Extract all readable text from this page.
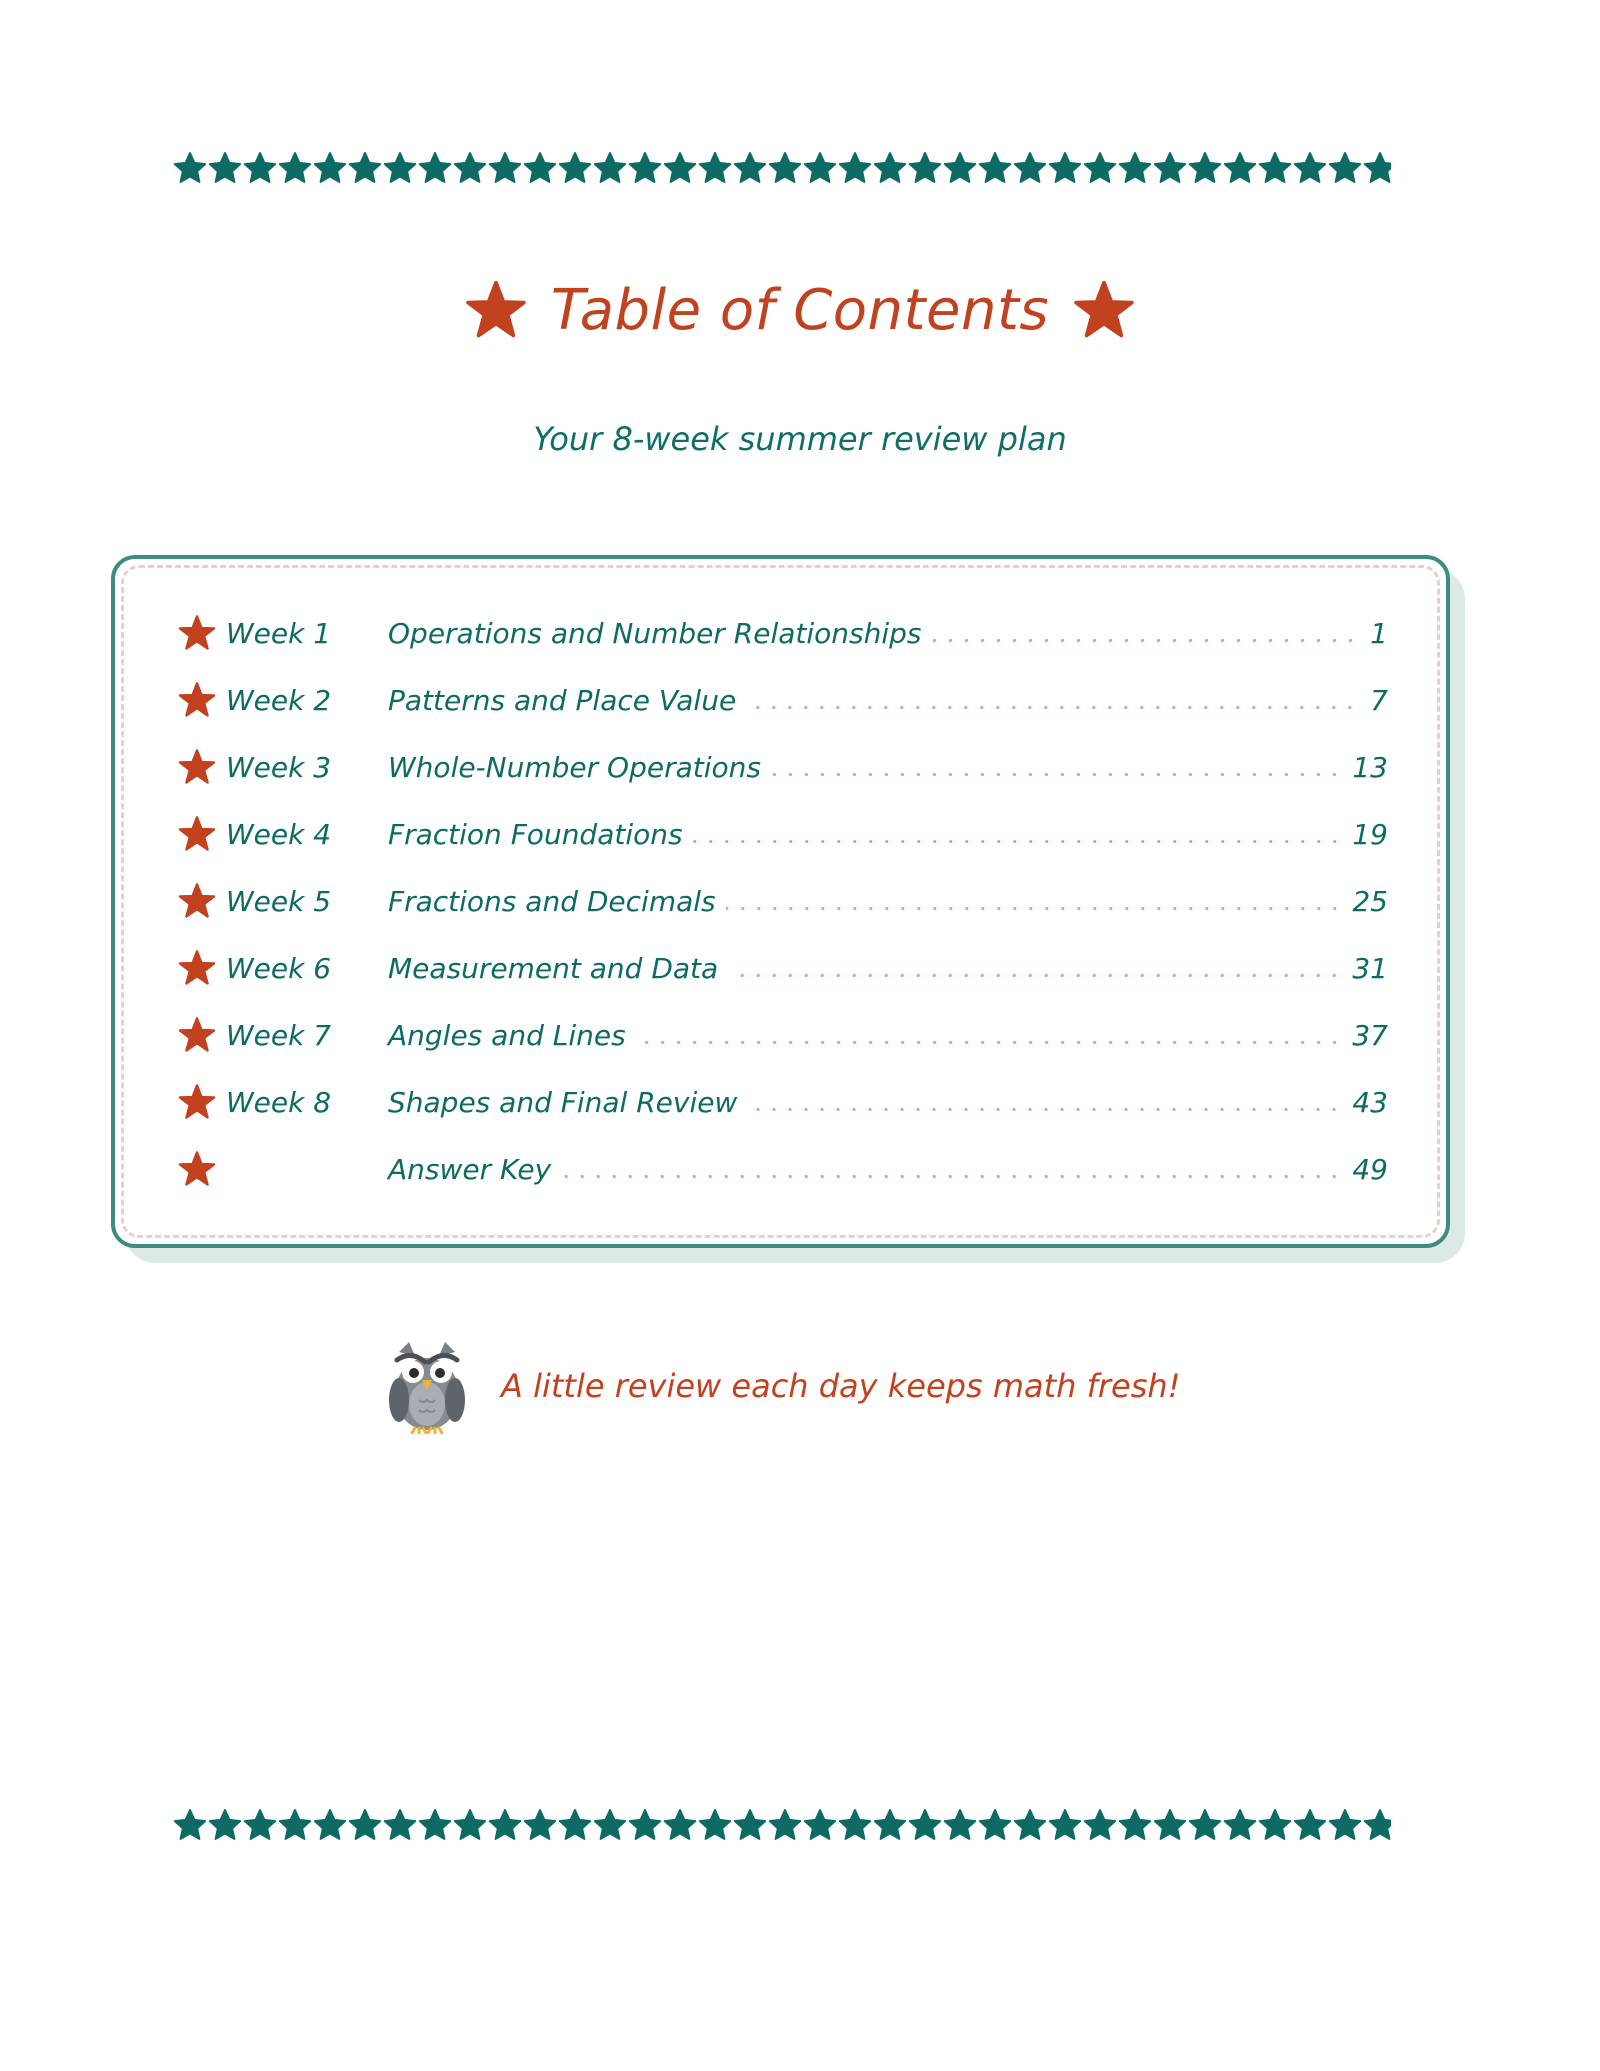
Table of Contents
Your 8-week summer review plan
Week 1	Operations and Number Relationships	1
Week 2	Patterns and Place Value	7
Week 3	Whole-Number Operations	13
Week 4	Fraction Foundations	19
Week 5	Fractions and Decimals	25
Week 6	Measurement and Data	31
Week 7	Angles and Lines	37
Week 8	Shapes and Final Review	43
Answer Key	49
A little review each day keeps math fresh!
